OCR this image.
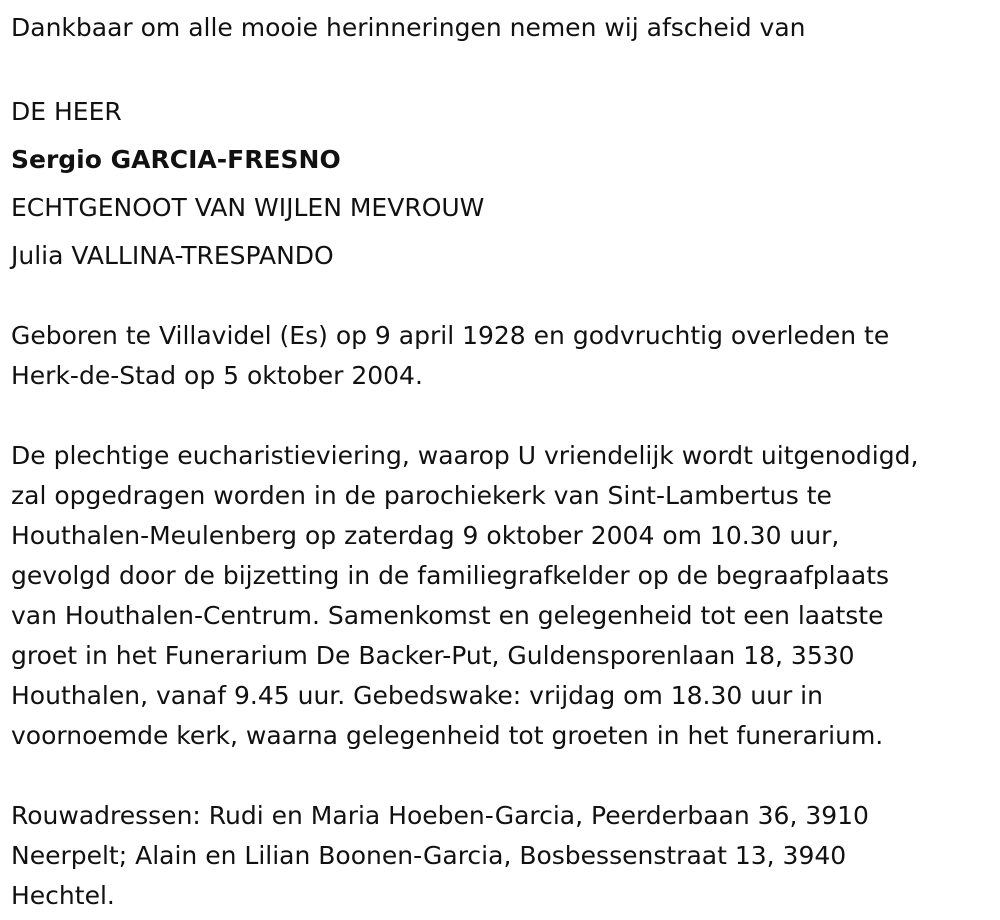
Dankbaar om alle mooie herinneringen nemen wij afscheid van
DE HEER
Sergio GARCIA-FRESNO
ECHTGENOOT VAN WIJLEN MEVROUW
Julia VALLINA-TRESPANDO
Geboren te Villavidel (Es) op 9 april 1928 en godvruchtig overleden te
Herk-de-Stad op 5 oktober 2004.
De plechtige eucharistieviering, waarop U vriendelijk wordt uitgenodigd,
zal opgedragen worden in de parochiekerk van Sint-Lambertus te
Houthalen-Meulenberg op zaterdag 9 oktober 2004 om 10.30 uur,
gevolgd door de bijzetting in de familiegrafkelder op de begraafplaats
van Houthalen-Centrum. Samenkomst en gelegenheid tot een laatste
groet in het Funerarium De Backer-Put, Guldensporenlaan 18, 3530
Houthalen, vanaf 9.45 uur. Gebedswake: vrijdag om 18.30 uur in
voornoemde kerk, waarna gelegenheid tot groeten in het funerarium.
Rouwadressen: Rudi en Maria Hoeben-Garcia, Peerderbaan 36, 3910
Neerpelt; Alain en Lilian Boonen-Garcia, Bosbessenstraat 13, 3940
Hechtel.
